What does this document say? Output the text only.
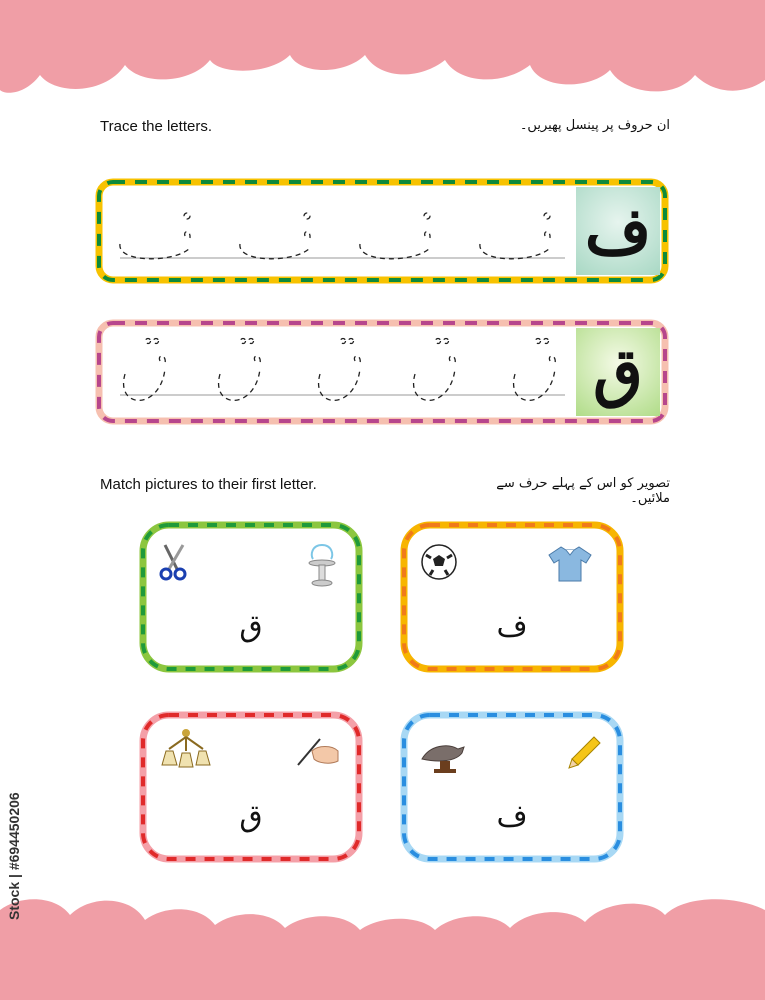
Stock | #694450206
Trace the letters.	ان حروف پر پینسل پھیریں۔
ف
ق
Match pictures to their first letter.	تصویر کو اس کے پہلے حرف سے ملائیں۔
ق	ف
ق	ف
